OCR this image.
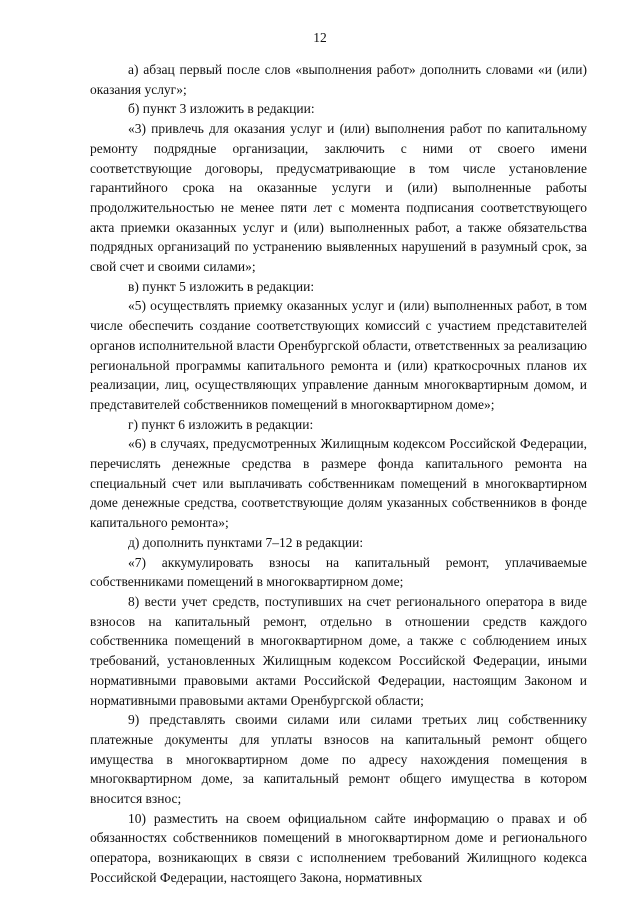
12

а) абзац первый после слов «выполнения работ» дополнить словами «и (или) оказания услуг»;

б) пункт 3 изложить в редакции:

«3) привлечь для оказания услуг и (или) выполнения работ по капитальному ремонту подрядные организации, заключить с ними от своего имени соответствующие договоры, предусматривающие в том числе установление гарантийного срока на оказанные услуги и (или) выполненные работы продолжительностью не менее пяти лет с момента подписания соответствующего акта приемки оказанных услуг и (или) выполненных работ, а также обязательства подрядных организаций по устранению выявленных нарушений в разумный срок, за свой счет и своими силами»;

в) пункт 5 изложить в редакции:

«5) осуществлять приемку оказанных услуг и (или) выполненных работ, в том числе обеспечить создание соответствующих комиссий с участием представителей органов исполнительной власти Оренбургской области, ответственных за реализацию региональной программы капитального ремонта и (или) краткосрочных планов их реализации, лиц, осуществляющих управление данным многоквартирным домом, и представителей собственников помещений в многоквартирном доме»;

г) пункт 6 изложить в редакции:

«6) в случаях, предусмотренных Жилищным кодексом Российской Федерации, перечислять денежные средства в размере фонда капитального ремонта на специальный счет или выплачивать собственникам помещений в многоквартирном доме денежные средства, соответствующие долям указанных собственников в фонде капитального ремонта»;

д) дополнить пунктами 7–12 в редакции:

«7) аккумулировать взносы на капитальный ремонт, уплачиваемые собственниками помещений в многоквартирном доме;

8) вести учет средств, поступивших на счет регионального оператора в виде взносов на капитальный ремонт, отдельно в отношении средств каждого собственника помещений в многоквартирном доме, а также с соблюдением иных требований, установленных Жилищным кодексом Российской Федерации, иными нормативными правовыми актами Российской Федерации, настоящим Законом и нормативными правовыми актами Оренбургской области;

9) представлять своими силами или силами третьих лиц собственнику платежные документы для уплаты взносов на капитальный ремонт общего имущества в многоквартирном доме по адресу нахождения помещения в многоквартирном доме, за капитальный ремонт общего имущества в котором вносится взнос;

10) разместить на своем официальном сайте информацию о правах и об обязанностях собственников помещений в многоквартирном доме и регионального оператора, возникающих в связи с исполнением требований Жилищного кодекса Российской Федерации, настоящего Закона, нормативных
